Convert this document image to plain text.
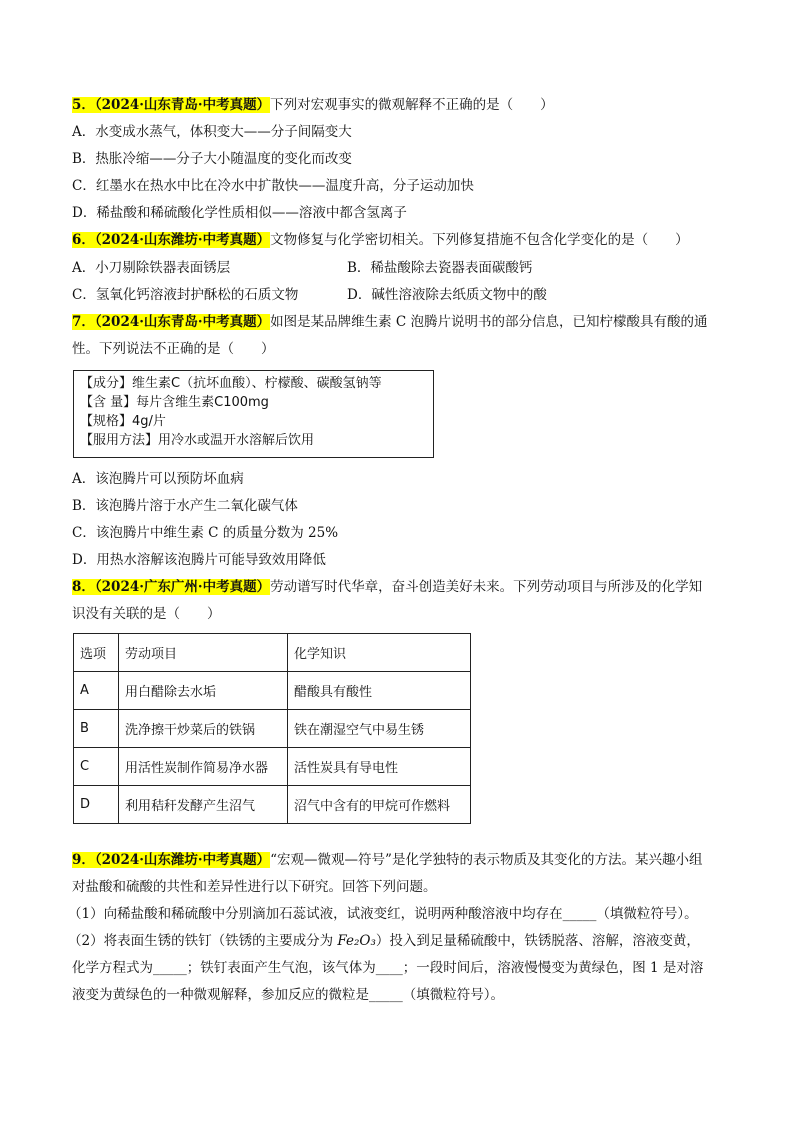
5．（2024·山东青岛·中考真题）下列对宏观事实的微观解释不正确的是（　　）
A．水变成水蒸气，体积变大——分子间隔变大
B．热胀冷缩——分子大小随温度的变化而改变
C．红墨水在热水中比在冷水中扩散快——温度升高，分子运动加快
D．稀盐酸和稀硫酸化学性质相似——溶液中都含氢离子
6．（2024·山东潍坊·中考真题）文物修复与化学密切相关。下列修复措施不包含化学变化的是（　　）
A．小刀剔除铁器表面锈层	B．稀盐酸除去瓷器表面碳酸钙
C．氢氧化钙溶液封护酥松的石质文物	D．碱性溶液除去纸质文物中的酸
7．（2024·山东青岛·中考真题）如图是某品牌维生素 C 泡腾片说明书的部分信息，已知柠檬酸具有酸的通
性。下列说法不正确的是（　　）
【成分】维生素C（抗坏血酸）、柠檬酸、碳酸氢钠等
【含 量】每片含维生素C100mg
【规格】4g/片
【服用方法】用冷水或温开水溶解后饮用
A．该泡腾片可以预防坏血病
B．该泡腾片溶于水产生二氧化碳气体
C．该泡腾片中维生素 C 的质量分数为 25%
D．用热水溶解该泡腾片可能导致效用降低
8．（2024·广东广州·中考真题）劳动谱写时代华章，奋斗创造美好未来。下列劳动项目与所涉及的化学知
识没有关联的是（　　）
选项	劳动项目	化学知识
A	用白醋除去水垢	醋酸具有酸性
B	洗净擦干炒菜后的铁锅	铁在潮湿空气中易生锈
C	用活性炭制作简易净水器	活性炭具有导电性
D	利用秸秆发酵产生沼气	沼气中含有的甲烷可作燃料
9．（2024·山东潍坊·中考真题）“宏观—微观—符号”是化学独特的表示物质及其变化的方法。某兴趣小组
对盐酸和硫酸的共性和差异性进行以下研究。回答下列问题。
（1）向稀盐酸和稀硫酸中分别滴加石蕊试液，试液变红，说明两种酸溶液中均存在_____（填微粒符号）。
（2）将表面生锈的铁钉（铁锈的主要成分为 Fe₂O₃）投入到足量稀硫酸中，铁锈脱落、溶解，溶液变黄，
化学方程式为_____；铁钉表面产生气泡，该气体为____；一段时间后，溶液慢慢变为黄绿色，图 1 是对溶
液变为黄绿色的一种微观解释，参加反应的微粒是_____（填微粒符号）。
